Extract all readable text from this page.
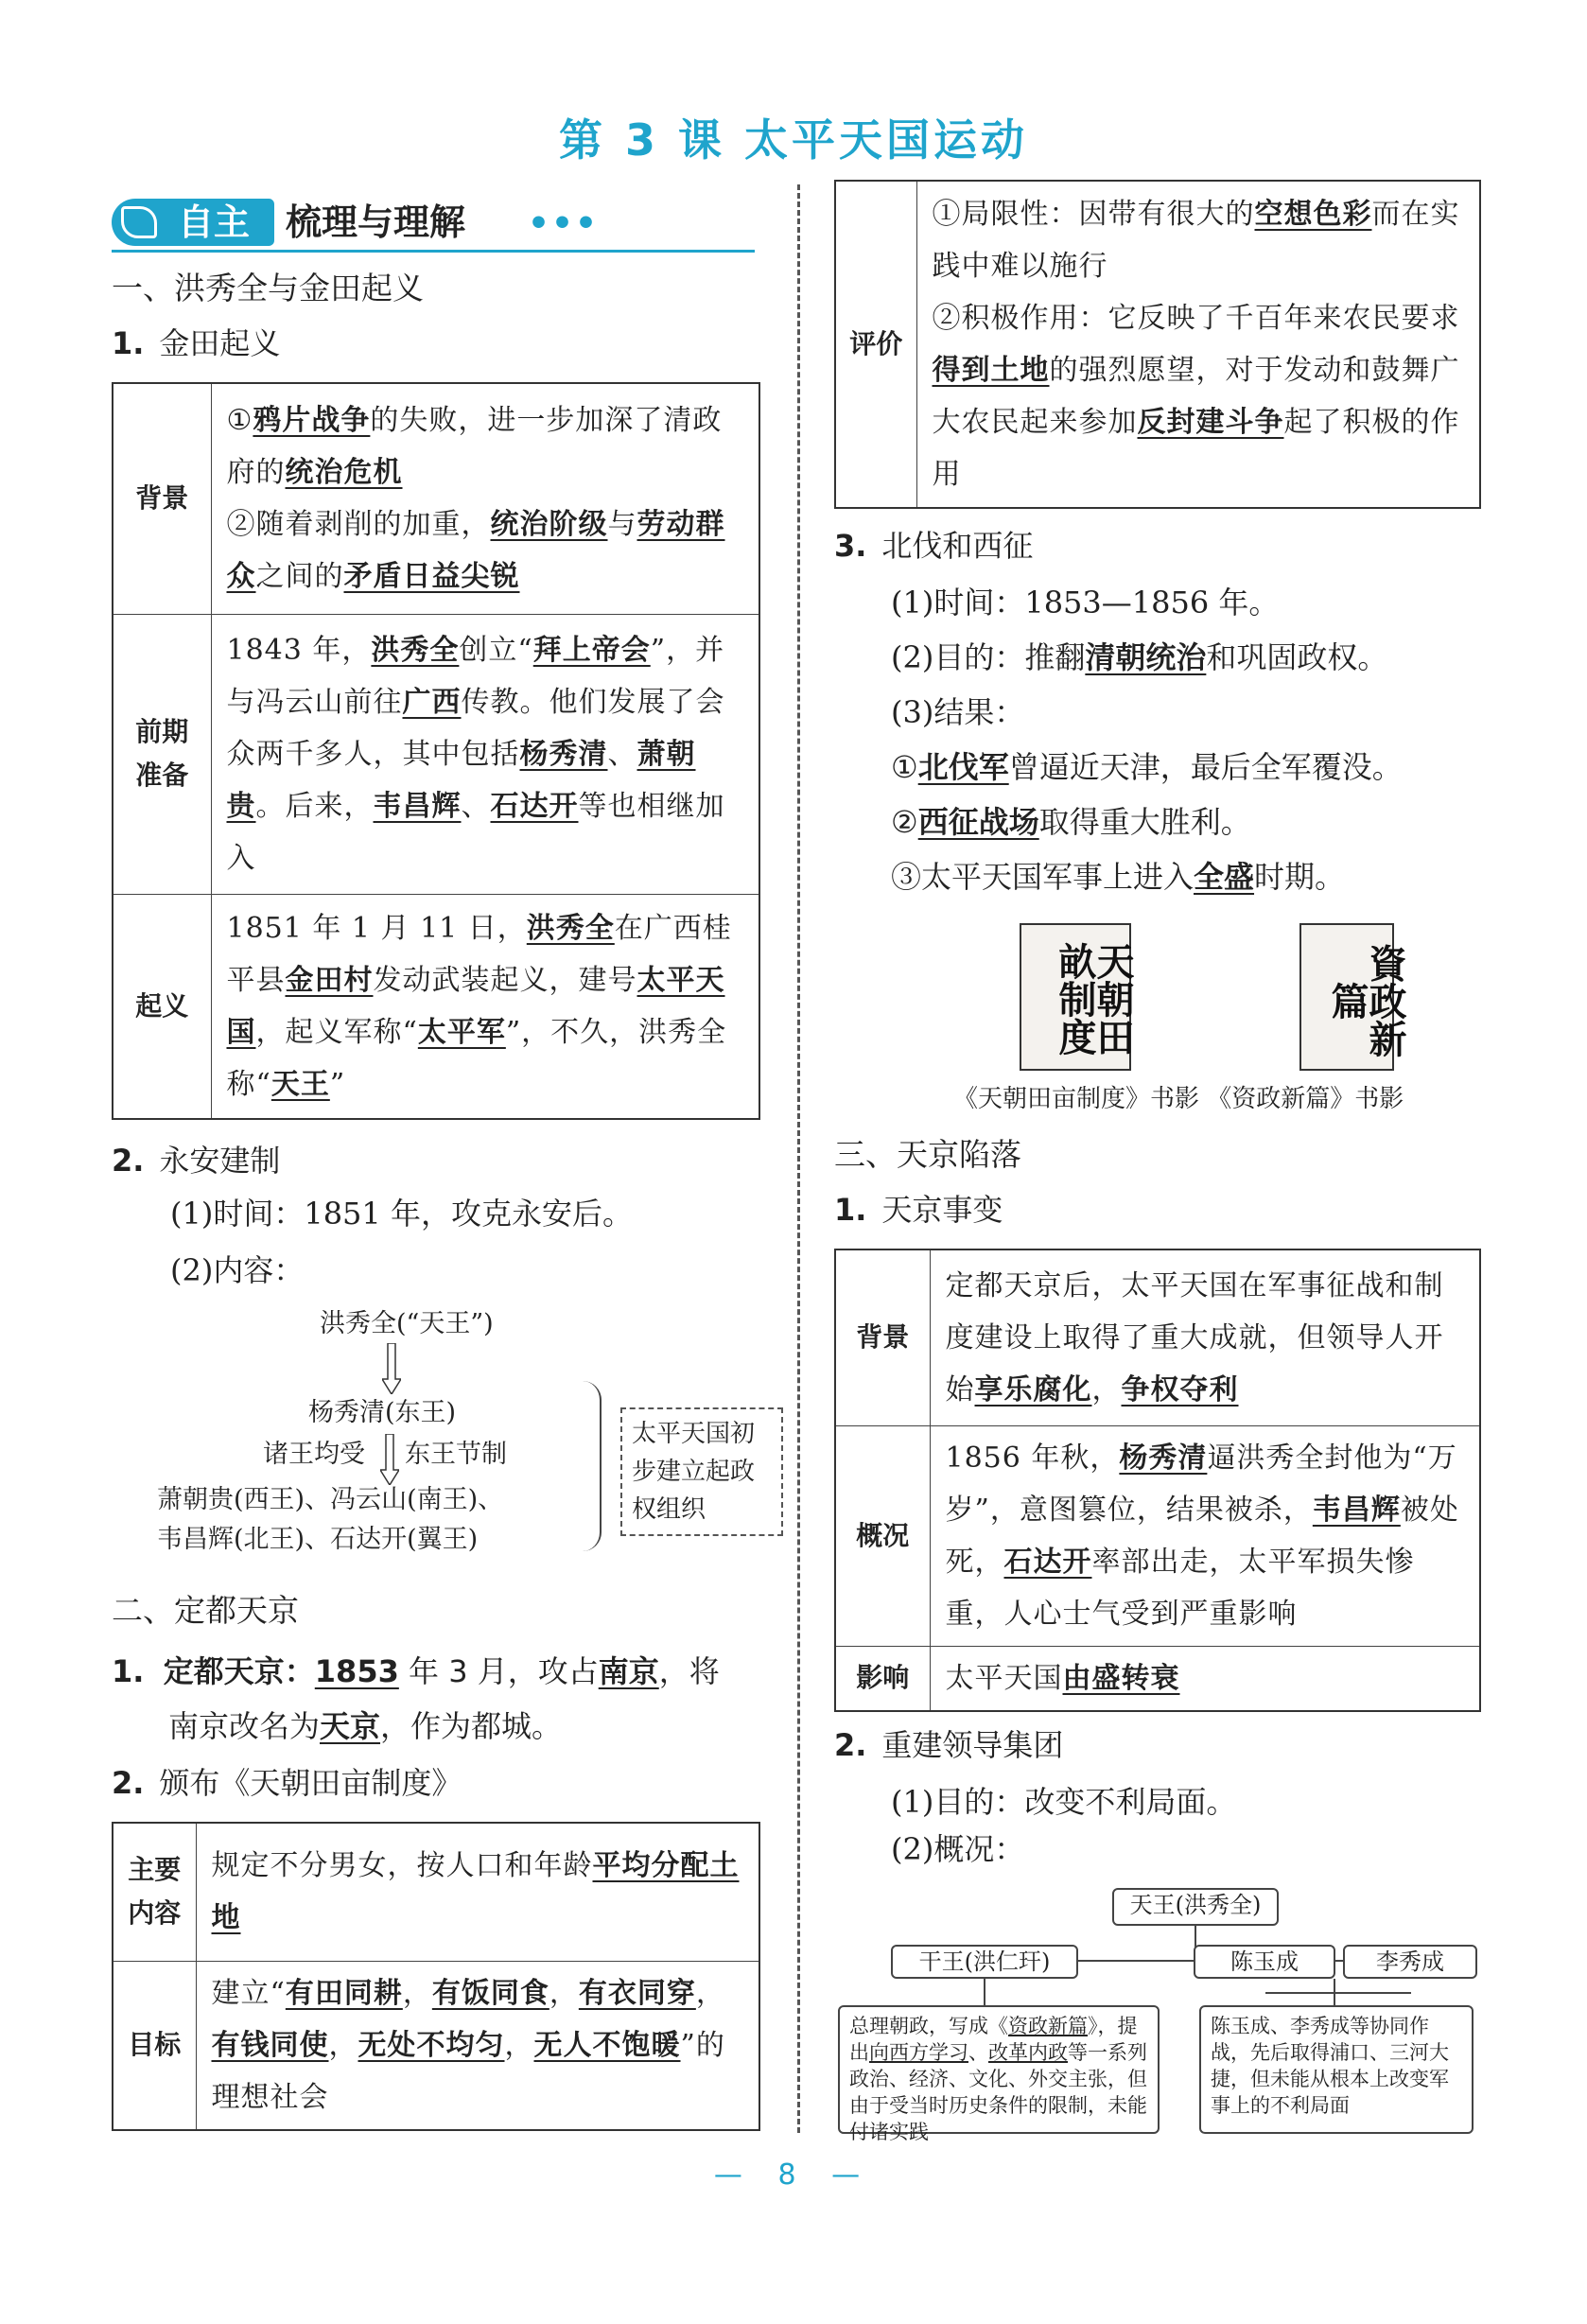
第 3 课 太平天国运动
自主 梳理与理解 •••
一、洪秀全与金田起义
1. 金田起义
背景	①鸦片战争的失败，进一步加深了清政府的统治危机
②随着剥削的加重，统治阶级与劳动群众之间的矛盾日益尖锐
前期准备	1843 年，洪秀全创立“拜上帝会”，并与冯云山前往广西传教。他们发展了会众两千多人，其中包括杨秀清、萧朝贵。后来，韦昌辉、石达开等也相继加入
起义	1851 年 1 月 11 日，洪秀全在广西桂平县金田村发动武装起义，建号太平天国，起义军称“太平军”，不久，洪秀全称“天王”
2. 永安建制
(1)时间：1851 年，攻克永安后。
(2)内容：
洪秀全(“天王”)
杨秀清(东王)
诸王均受 东王节制
萧朝贵(西王)、冯云山(南王)、
韦昌辉(北王)、石达开(翼王)
太平天国初步建立起政权组织
二、定都天京
1. 定都天京：1853 年 3 月，攻占南京，将
南京改名为天京，作为都城。
2. 颁布《天朝田亩制度》
主要内容	规定不分男女，按人口和年龄平均分配土地
目标	建立“有田同耕，有饭同食，有衣同穿，有钱同使，无处不均匀，无人不饱暖”的理想社会
评价	①局限性：因带有很大的空想色彩而在实践中难以施行
②积极作用：它反映了千百年来农民要求得到土地的强烈愿望，对于发动和鼓舞广大农民起来参加反封建斗争起了积极的作用
3. 北伐和西征
(1)时间：1853—1856 年。
(2)目的：推翻清朝统治和巩固政权。
(3)结果：
①北伐军曾逼近天津，最后全军覆没。
②西征战场取得重大胜利。
③太平天国军事上进入全盛时期。
天朝田畝制度	資政新篇
《天朝田亩制度》书影 《资政新篇》书影
三、天京陷落
1. 天京事变
背景	定都天京后，太平天国在军事征战和制度建设上取得了重大成就，但领导人开始享乐腐化，争权夺利
概况	1856 年秋，杨秀清逼洪秀全封他为“万岁”，意图篡位，结果被杀，韦昌辉被处死，石达开率部出走，太平军损失惨重，人心士气受到严重影响
影响	太平天国由盛转衰
2. 重建领导集团
(1)目的：改变不利局面。
(2)概况：
天王(洪秀全)
干王(洪仁玕)	陈玉成	李秀成
总理朝政，写成《资政新篇》，提出向西方学习、改革内政等一系列政治、经济、文化、外交主张，但由于受当时历史条件的限制，未能付诸实践
陈玉成、李秀成等协同作战，先后取得浦口、三河大捷，但未能从根本上改变军事上的不利局面
— 8 —
